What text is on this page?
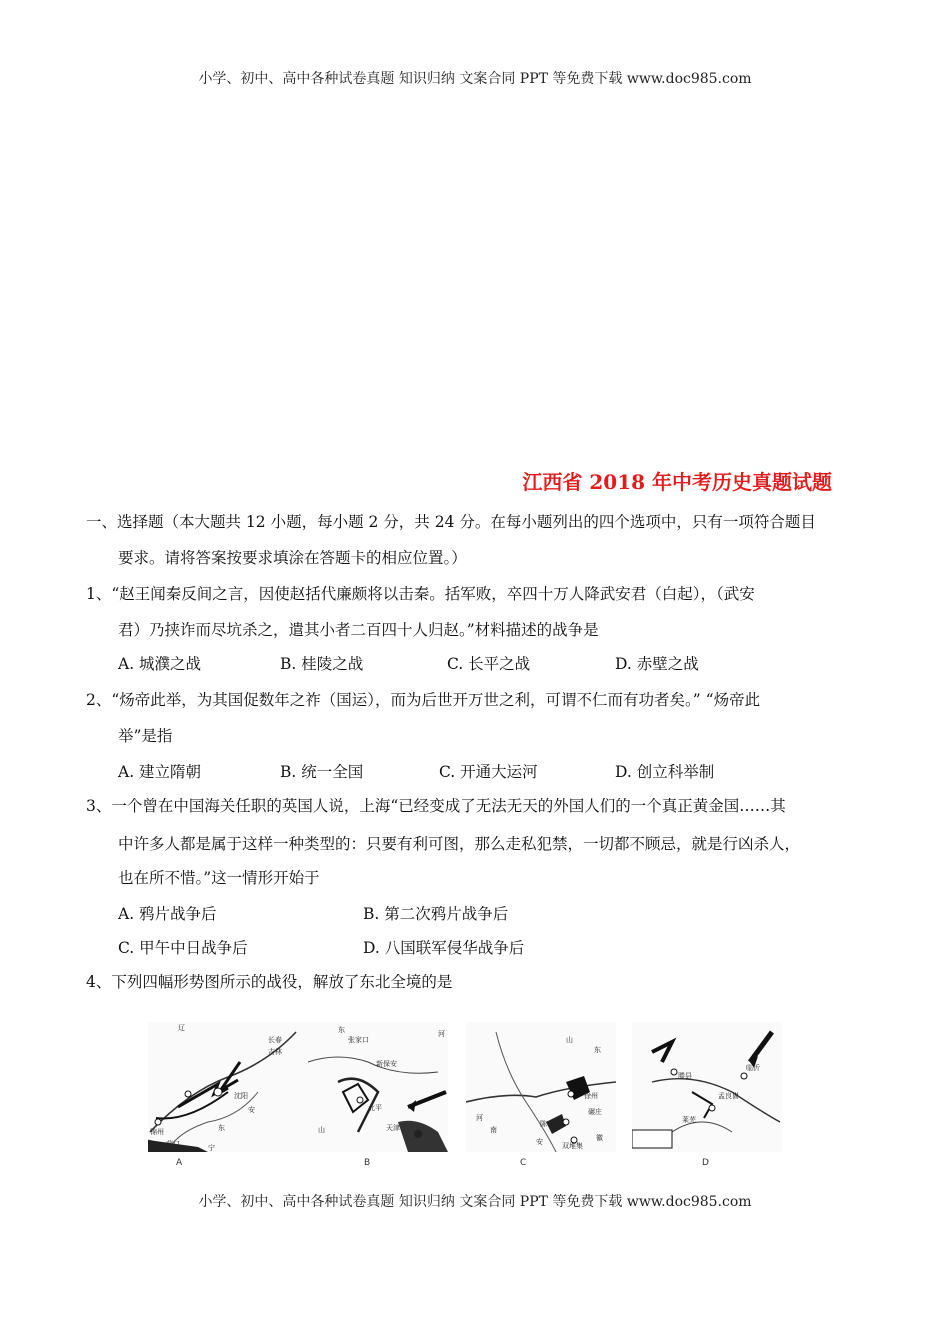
小学、初中、高中各种试卷真题 知识归纳 文案合同 PPT 等免费下载 www.doc985.com
江西省 2018 年中考历史真题试题
一、选择题（本大题共 12 小题，每小题 2 分，共 24 分。在每小题列出的四个选项中，只有一项符合题目
要求。请将答案按要求填涂在答题卡的相应位置。）
1、“赵王闻秦反间之言，因使赵括代廉颇将以击秦。括军败，卒四十万人降武安君（白起），（武安
君）乃挟诈而尽坑杀之，遣其小者二百四十人归赵。”材料描述的战争是
A. 城濮之战	B. 桂陵之战	C. 长平之战	D. 赤壁之战
2、“炀帝此举，为其国促数年之祚（国运），而为后世开万世之利，可谓不仁而有功者矣。” “炀帝此
举”是指
A. 建立隋朝	B. 统一全国	C. 开通大运河	D. 创立科举制
3、一个曾在中国海关任职的英国人说，上海“已经变成了无法无天的外国人们的一个真正黄金国……其
中许多人都是属于这样一种类型的：只要有利可图，那么走私犯禁，一切都不顾忌，就是行凶杀人，
也在所不惜。”这一情形开始于
A. 鸦片战争后	B. 第二次鸦片战争后
C. 甲午中日战争后	D. 八国联军侵华战争后
4、下列四幅形势图所示的战役，解放了东北全境的是
辽
长春
吉林
沈阳
锦州
营口
安
东
宁
A
张家口
新保安
天津
北平
河
东
山
B
徐州
碾庄
陈官庄
双堆集
河
南
山
东
安	徽
C
滕县
临沂
孟良崮
莱芜
D
小学、初中、高中各种试卷真题 知识归纳 文案合同 PPT 等免费下载 www.doc985.com
